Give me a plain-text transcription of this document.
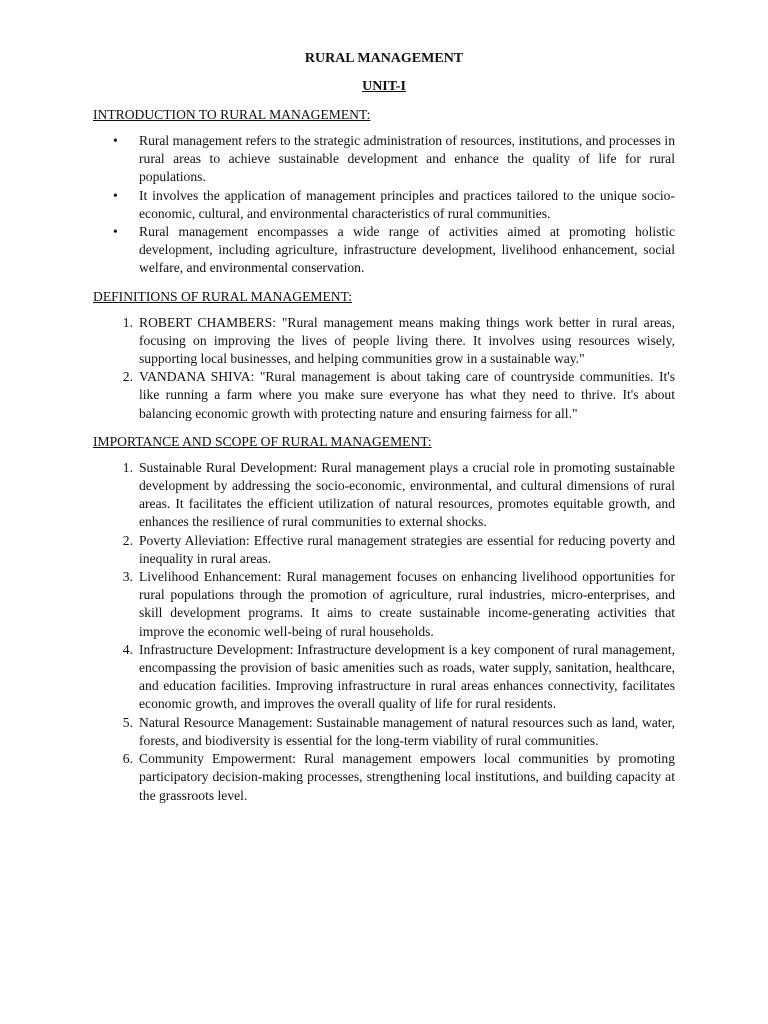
RURAL MANAGEMENT
UNIT-I
INTRODUCTION TO RURAL MANAGEMENT:
•	Rural management refers to the strategic administration of resources, institutions, and processes in rural areas to achieve sustainable development and enhance the quality of life for rural populations.
•	It involves the application of management principles and practices tailored to the unique socio-economic, cultural, and environmental characteristics of rural communities.
•	Rural management encompasses a wide range of activities aimed at promoting holistic development, including agriculture, infrastructure development, livelihood enhancement, social welfare, and environmental conservation.
DEFINITIONS OF RURAL MANAGEMENT:
1. ROBERT CHAMBERS: "Rural management means making things work better in rural areas, focusing on improving the lives of people living there. It involves using resources wisely, supporting local businesses, and helping communities grow in a sustainable way."
2. VANDANA SHIVA: "Rural management is about taking care of countryside communities. It's like running a farm where you make sure everyone has what they need to thrive. It's about balancing economic growth with protecting nature and ensuring fairness for all."
IMPORTANCE AND SCOPE OF RURAL MANAGEMENT:
1. Sustainable Rural Development: Rural management plays a crucial role in promoting sustainable development by addressing the socio-economic, environmental, and cultural dimensions of rural areas. It facilitates the efficient utilization of natural resources, promotes equitable growth, and enhances the resilience of rural communities to external shocks.
2. Poverty Alleviation: Effective rural management strategies are essential for reducing poverty and inequality in rural areas.
3. Livelihood Enhancement: Rural management focuses on enhancing livelihood opportunities for rural populations through the promotion of agriculture, rural industries, micro-enterprises, and skill development programs. It aims to create sustainable income-generating activities that improve the economic well-being of rural households.
4. Infrastructure Development: Infrastructure development is a key component of rural management, encompassing the provision of basic amenities such as roads, water supply, sanitation, healthcare, and education facilities. Improving infrastructure in rural areas enhances connectivity, facilitates economic growth, and improves the overall quality of life for rural residents.
5. Natural Resource Management: Sustainable management of natural resources such as land, water, forests, and biodiversity is essential for the long-term viability of rural communities.
6. Community Empowerment: Rural management empowers local communities by promoting participatory decision-making processes, strengthening local institutions, and building capacity at the grassroots level.
